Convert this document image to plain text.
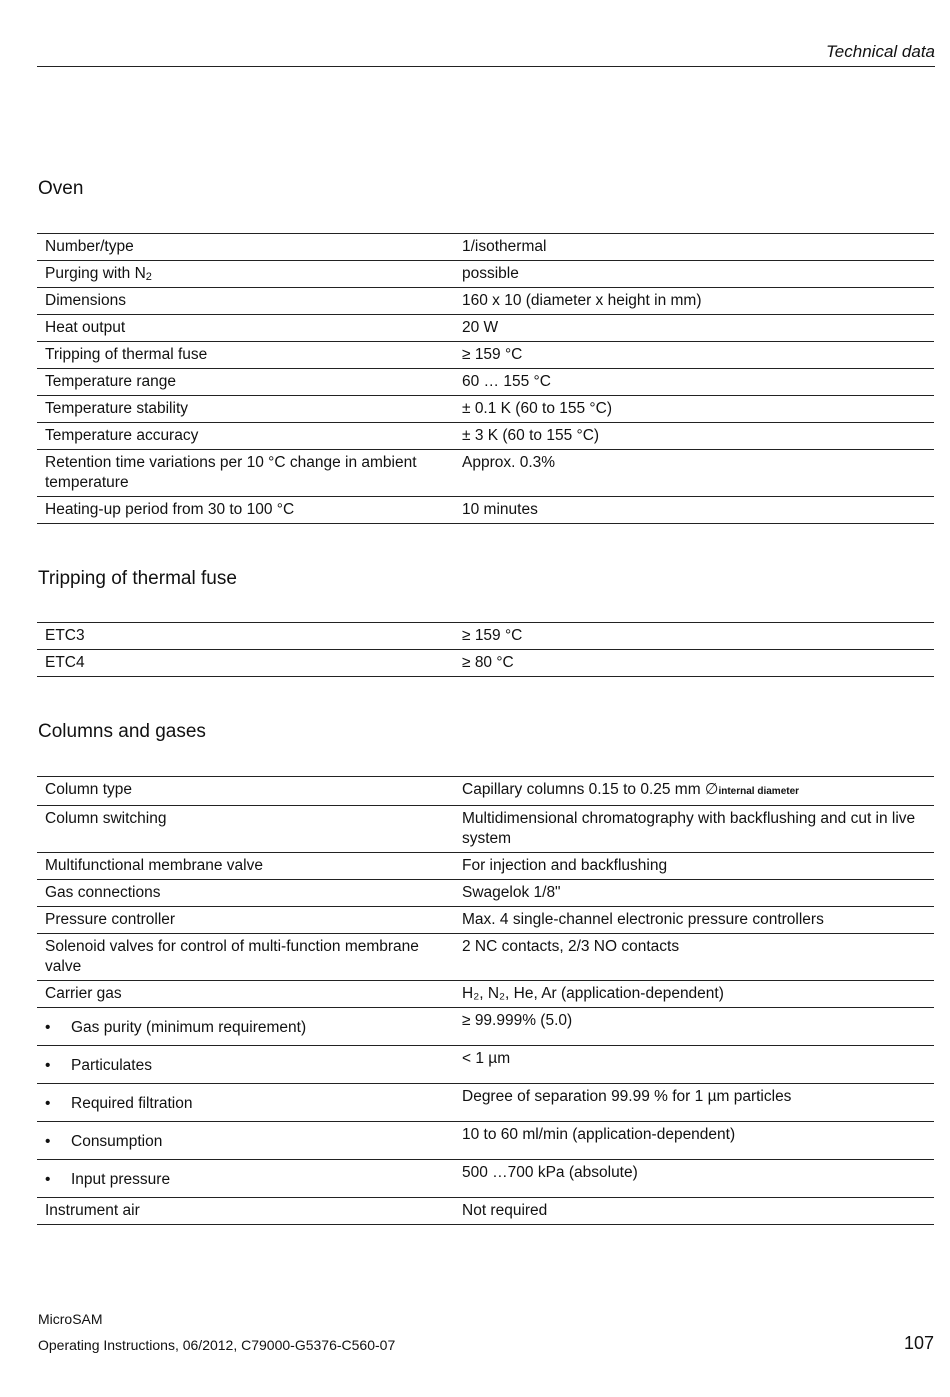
Technical data
Oven
Number/type	1/isothermal
Purging with $N_2$	possible
Dimensions	160 x 10 (diameter x height in mm)
Heat output	20 W
Tripping of thermal fuse	≥ 159 °C
Temperature range	60 … 155 °C
Temperature stability	± 0.1 K (60 to 155 °C)
Temperature accuracy	± 3 K (60 to 155 °C)
Retention time variations per 10 °C change in ambient temperature	Approx. 0.3%
Heating-up period from 30 to 100 °C	10 minutes
Tripping of thermal fuse
ETC3	≥ 159 °C
ETC4	≥ 80 °C
Columns and gases
Column type	Capillary columns 0.15 to 0.25 mm ∅internal diameter
Column switching	Multidimensional chromatography with backflushing and cut in live system
Multifunctional membrane valve	For injection and backflushing
Gas connections	Swagelok 1/8"
Pressure controller	Max. 4 single-channel electronic pressure controllers
Solenoid valves for control of multi-function membrane valve	2 NC contacts, 2/3 NO contacts
Carrier gas	H₂, N₂, He, Ar (application-dependent)
• Gas purity (minimum requirement)	≥ 99.999% (5.0)
• Particulates	< 1 µm
• Required filtration	Degree of separation 99.99 % for 1 µm particles
• Consumption	10 to 60 ml/min (application-dependent)
• Input pressure	500 …700 kPa (absolute)
Instrument air	Not required
MicroSAM
Operating Instructions, 06/2012, C79000-G5376-C560-07	107
